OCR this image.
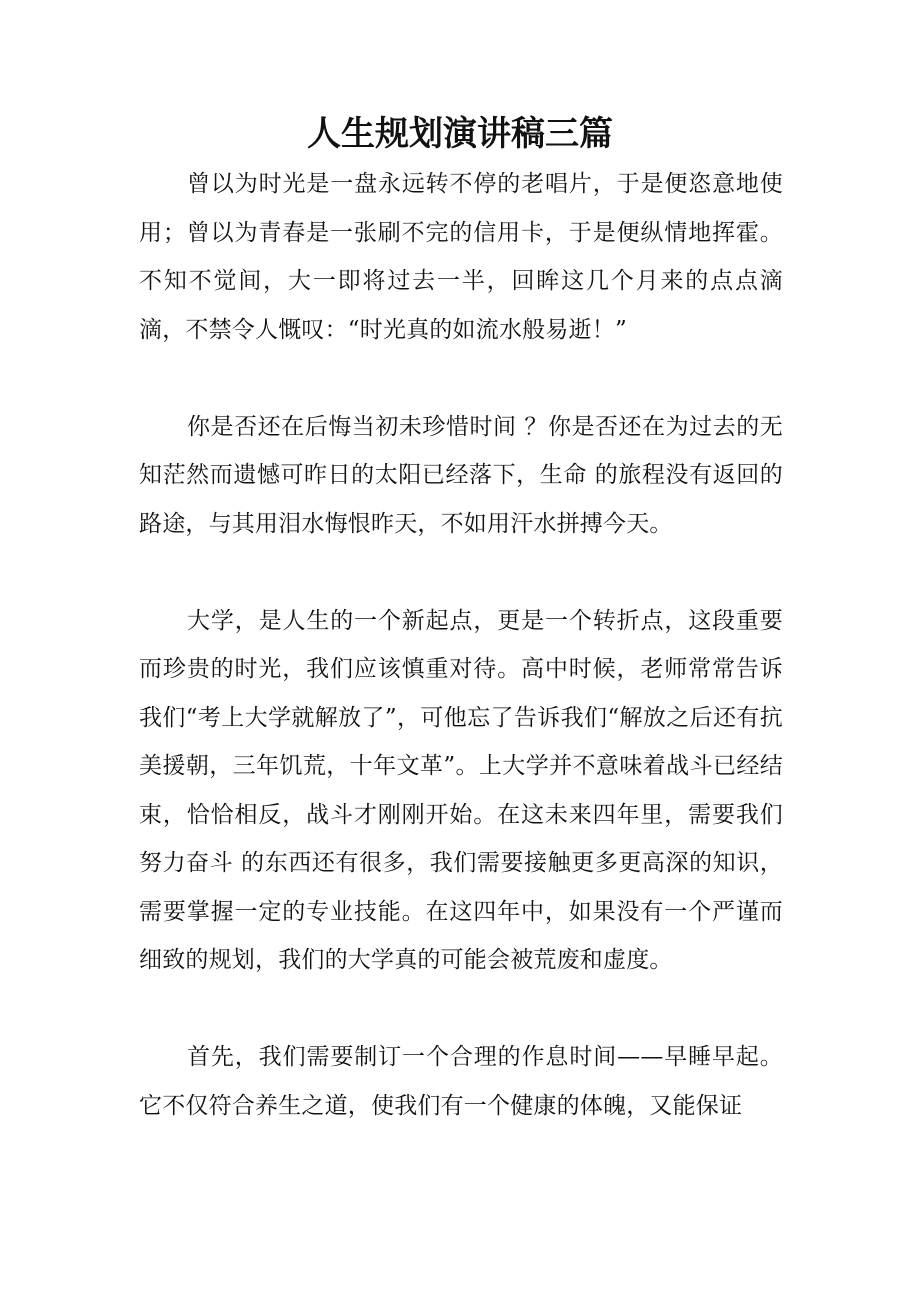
人生规划演讲稿三篇

曾以为时光是一盘永远转不停的老唱片，于是便恣意地使用；曾以为青春是一张刷不完的信用卡，于是便纵情地挥霍。不知不觉间，大一即将过去一半，回眸这几个月来的点点滴滴，不禁令人慨叹：“时光真的如流水般易逝！”

你是否还在后悔当初未珍惜时间 ？你是否还在为过去的无知茫然而遗憾可昨日的太阳已经落下，生命 的旅程没有返回的路途，与其用泪水悔恨昨天，不如用汗水拼搏今天。

大学，是人生的一个新起点，更是一个转折点，这段重要而珍贵的时光，我们应该慎重对待。高中时候，老师常常告诉我们“考上大学就解放了”，可他忘了告诉我们“解放之后还有抗美援朝，三年饥荒，十年文革”。上大学并不意味着战斗已经结束，恰恰相反，战斗才刚刚开始。在这未来四年里，需要我们努力奋斗 的东西还有很多，我们需要接触更多更高深的知识，需要掌握一定的专业技能。在这四年中，如果没有一个严谨而细致的规划，我们的大学真的可能会被荒废和虚度。

首先，我们需要制订一个合理的作息时间——早睡早起。它不仅符合养生之道，使我们有一个健康的体魄，又能保证
